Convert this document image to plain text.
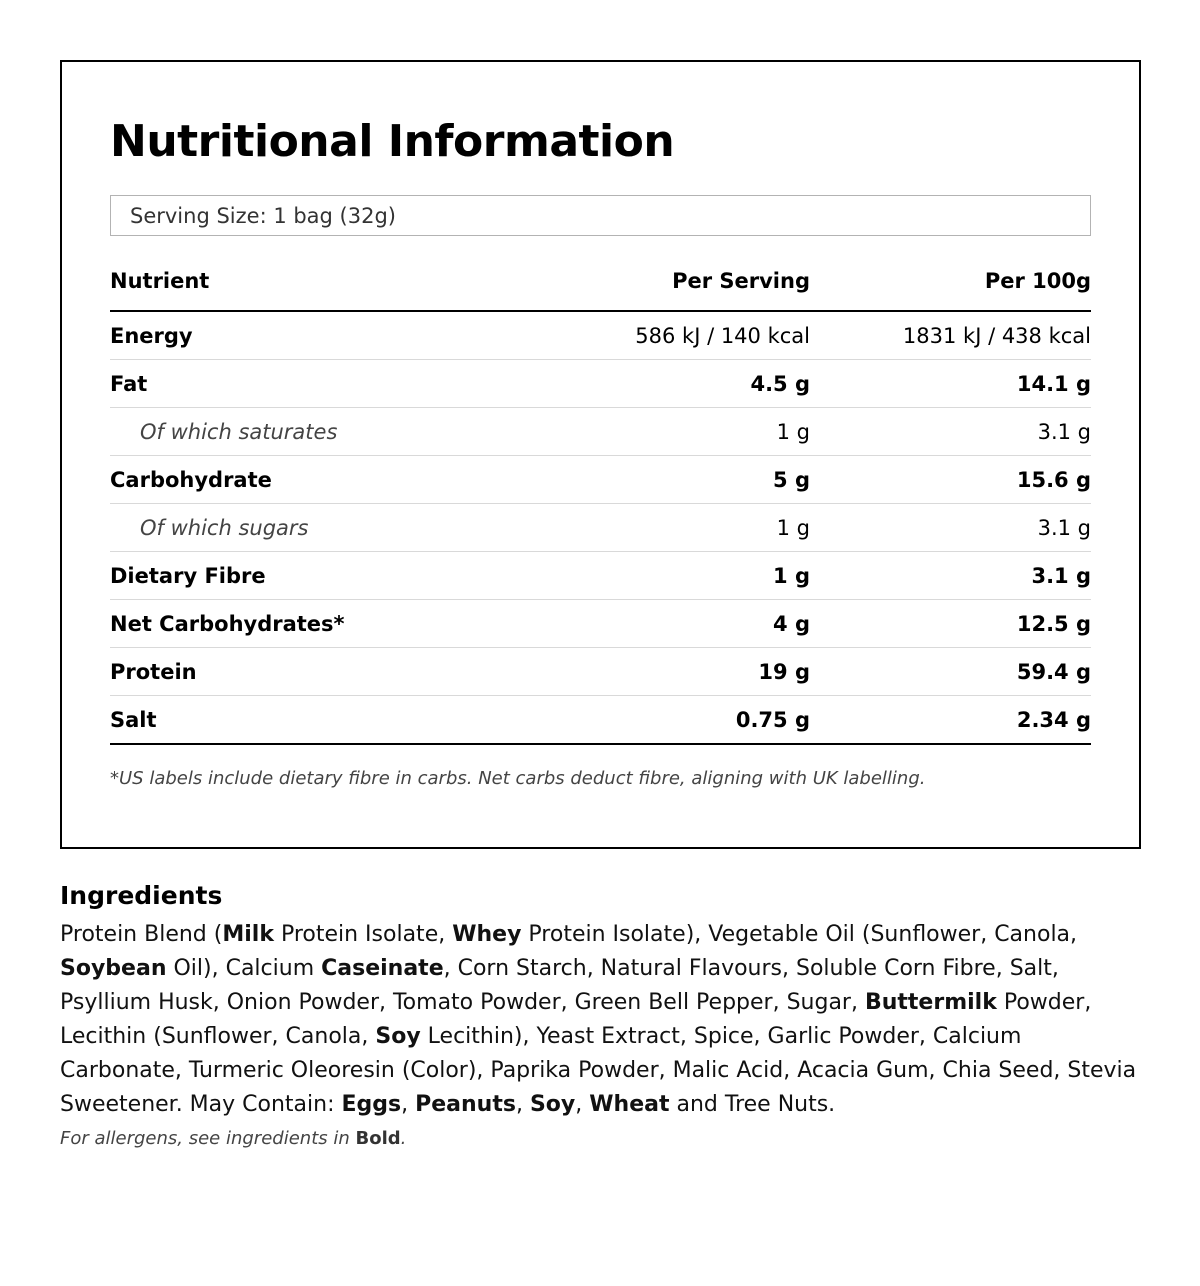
Nutritional Information
Serving Size: 1 bag (32g)
Nutrient	Per Serving	Per 100g
Energy	586 kJ / 140 kcal	1831 kJ / 438 kcal
Fat	4.5 g	14.1 g
Of which saturates	1 g	3.1 g
Carbohydrate	5 g	15.6 g
Of which sugars	1 g	3.1 g
Dietary Fibre	1 g	3.1 g
Net Carbohydrates*	4 g	12.5 g
Protein	19 g	59.4 g
Salt	0.75 g	2.34 g
*US labels include dietary fibre in carbs. Net carbs deduct fibre, aligning with UK labelling.
Ingredients

Protein Blend (Milk Protein Isolate, Whey Protein Isolate), Vegetable Oil (Sunflower, Canola, Soybean Oil), Calcium Caseinate, Corn Starch, Natural Flavours, Soluble Corn Fibre, Salt, Psyllium Husk, Onion Powder, Tomato Powder, Green Bell Pepper, Sugar, Buttermilk Powder, Lecithin (Sunflower, Canola, Soy Lecithin), Yeast Extract, Spice, Garlic Powder, Calcium Carbonate, Turmeric Oleoresin (Color), Paprika Powder, Malic Acid, Acacia Gum, Chia Seed, Stevia Sweetener. May Contain: Eggs, Peanuts, Soy, Wheat and Tree Nuts.

For allergens, see ingredients in Bold.
